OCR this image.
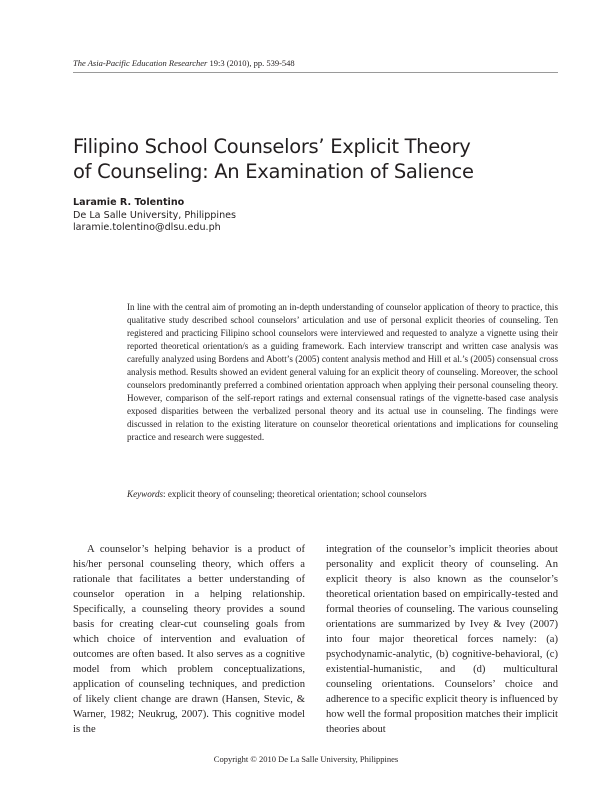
The Asia-Pacific Education Researcher 19:3 (2010), pp. 539-548
Filipino School Counselors’ Explicit Theory
of Counseling: An Examination of Salience
Laramie R. Tolentino
De La Salle University, Philippines
laramie.tolentino@dlsu.edu.ph

In line with the central aim of promoting an in-depth understanding of counselor application of theory to practice, this qualitative study described school counselors’ articulation and use of personal explicit theories of counseling. Ten registered and practicing Filipino school counselors were interviewed and requested to analyze a vignette using their reported theoretical orientation/s as a guiding framework. Each interview transcript and written case analysis was carefully analyzed using Bordens and Abott’s (2005) content analysis method and Hill et al.’s (2005) consensual cross analysis method. Results showed an evident general valuing for an explicit theory of counseling. Moreover, the school counselors predominantly preferred a combined orientation approach when applying their personal counseling theory. However, comparison of the self-report ratings and external consensual ratings of the vignette-based case analysis exposed disparities between the verbalized personal theory and its actual use in counseling. The findings were discussed in relation to the existing literature on counselor theoretical orientations and implications for counseling practice and research were suggested.

Keywords: explicit theory of counseling; theoretical orientation; school counselors

A counselor’s helping behavior is a product of his/her personal counseling theory, which offers a rationale that facilitates a better understanding of counselor operation in a helping relationship. Specifically, a counseling theory provides a sound basis for creating clear-cut counseling goals from which choice of intervention and evaluation of outcomes are often based. It also serves as a cognitive model from which problem conceptualizations, application of counseling techniques, and prediction of likely client change are drawn (Hansen, Stevic, & Warner, 1982; Neukrug, 2007). This cognitive model is the

integration of the counselor’s implicit theories about personality and explicit theory of counseling. An explicit theory is also known as the counselor’s theoretical orientation based on empirically-tested and formal theories of counseling. The various counseling orientations are summarized by Ivey & Ivey (2007) into four major theoretical forces namely: (a) psychodynamic-analytic, (b) cognitive-behavioral, (c) existential-humanistic, and (d) multicultural counseling orientations. Counselors’ choice and adherence to a specific explicit theory is influenced by how well the formal proposition matches their implicit theories about

Copyright © 2010 De La Salle University, Philippines
